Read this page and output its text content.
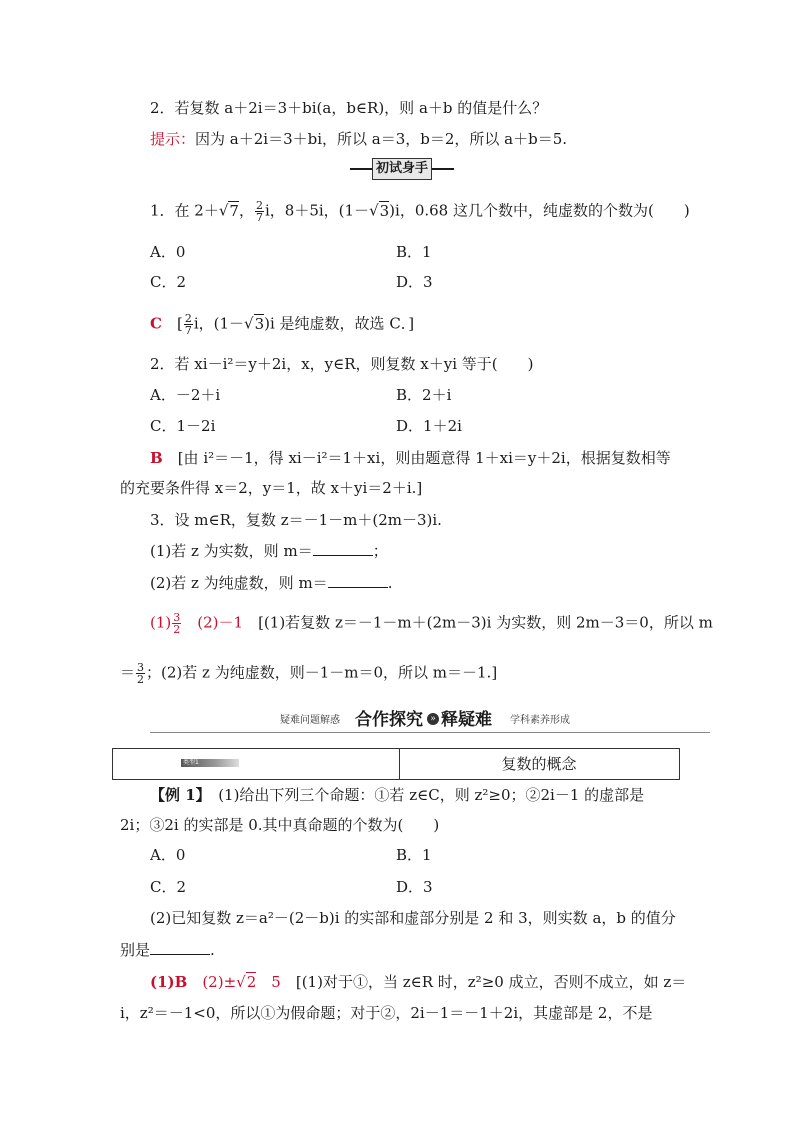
2．若复数 a＋2i＝3＋bi(a，b∈R)，则 a＋b 的值是什么？
提示：因为 a＋2i＝3＋bi，所以 a＝3，b＝2，所以 a＋b＝5.
初试身手
1．在 2＋√7， $\frac{2}{7}$ i，8＋5i，(1－√3)i，0.68 这几个数中，纯虚数的个数为(　　)
A．0	B．1
C．2	D．3
C　 [ $\frac{2}{7}$ i，(1－√3)i 是纯虚数，故选 C．]
2．若 xi－i²＝y＋2i，x，y∈R，则复数 x＋yi 等于(　　)
A．－2＋i	B．2＋i
C．1－2i	D．1＋2i
B　 [由 i²＝－1，得 xi－i²＝1＋xi，则由题意得 1＋xi＝y＋2i，根据复数相等
的充要条件得 x＝2，y＝1，故 x＋yi＝2＋i.]
3．设 m∈R，复数 z＝－1－m＋(2m－3)i.
(1)若 z 为实数，则 m＝	；
(2)若 z 为纯虚数，则 m＝	.
$(1) \frac{3}{2}$
　 (2)－1　 [(1)若复数 z＝－1－m＋(2m－3)i 为实数，则 2m－3＝0，所以 m
＝ $\frac{3}{2}$ ；(2)若 z 为纯虚数，则－1－m＝0，所以 m＝－1.]
疑难问题解惑 合作探究 » 释疑难 学科素养形成
类型1	复数的概念
【例 1】　 (1)给出下列三个命题：①若 z∈C，则 z²≥0；②2i－1 的虚部是
2i；③2i 的实部是 0.其中真命题的个数为(　　)
A．0	B．1
C．2	D．3
(2)已知复数 z＝a²－(2－b)i 的实部和虚部分别是 2 和 3，则实数 a，b 的值分
别是	.
(1)B　 (2)±√2　 5　 [(1)对于①，当 z∈R 时，z²≥0 成立，否则不成立，如 z＝
i，z²＝－1<0，所以①为假命题；对于②，2i－1＝－1＋2i，其虚部是 2，不是
